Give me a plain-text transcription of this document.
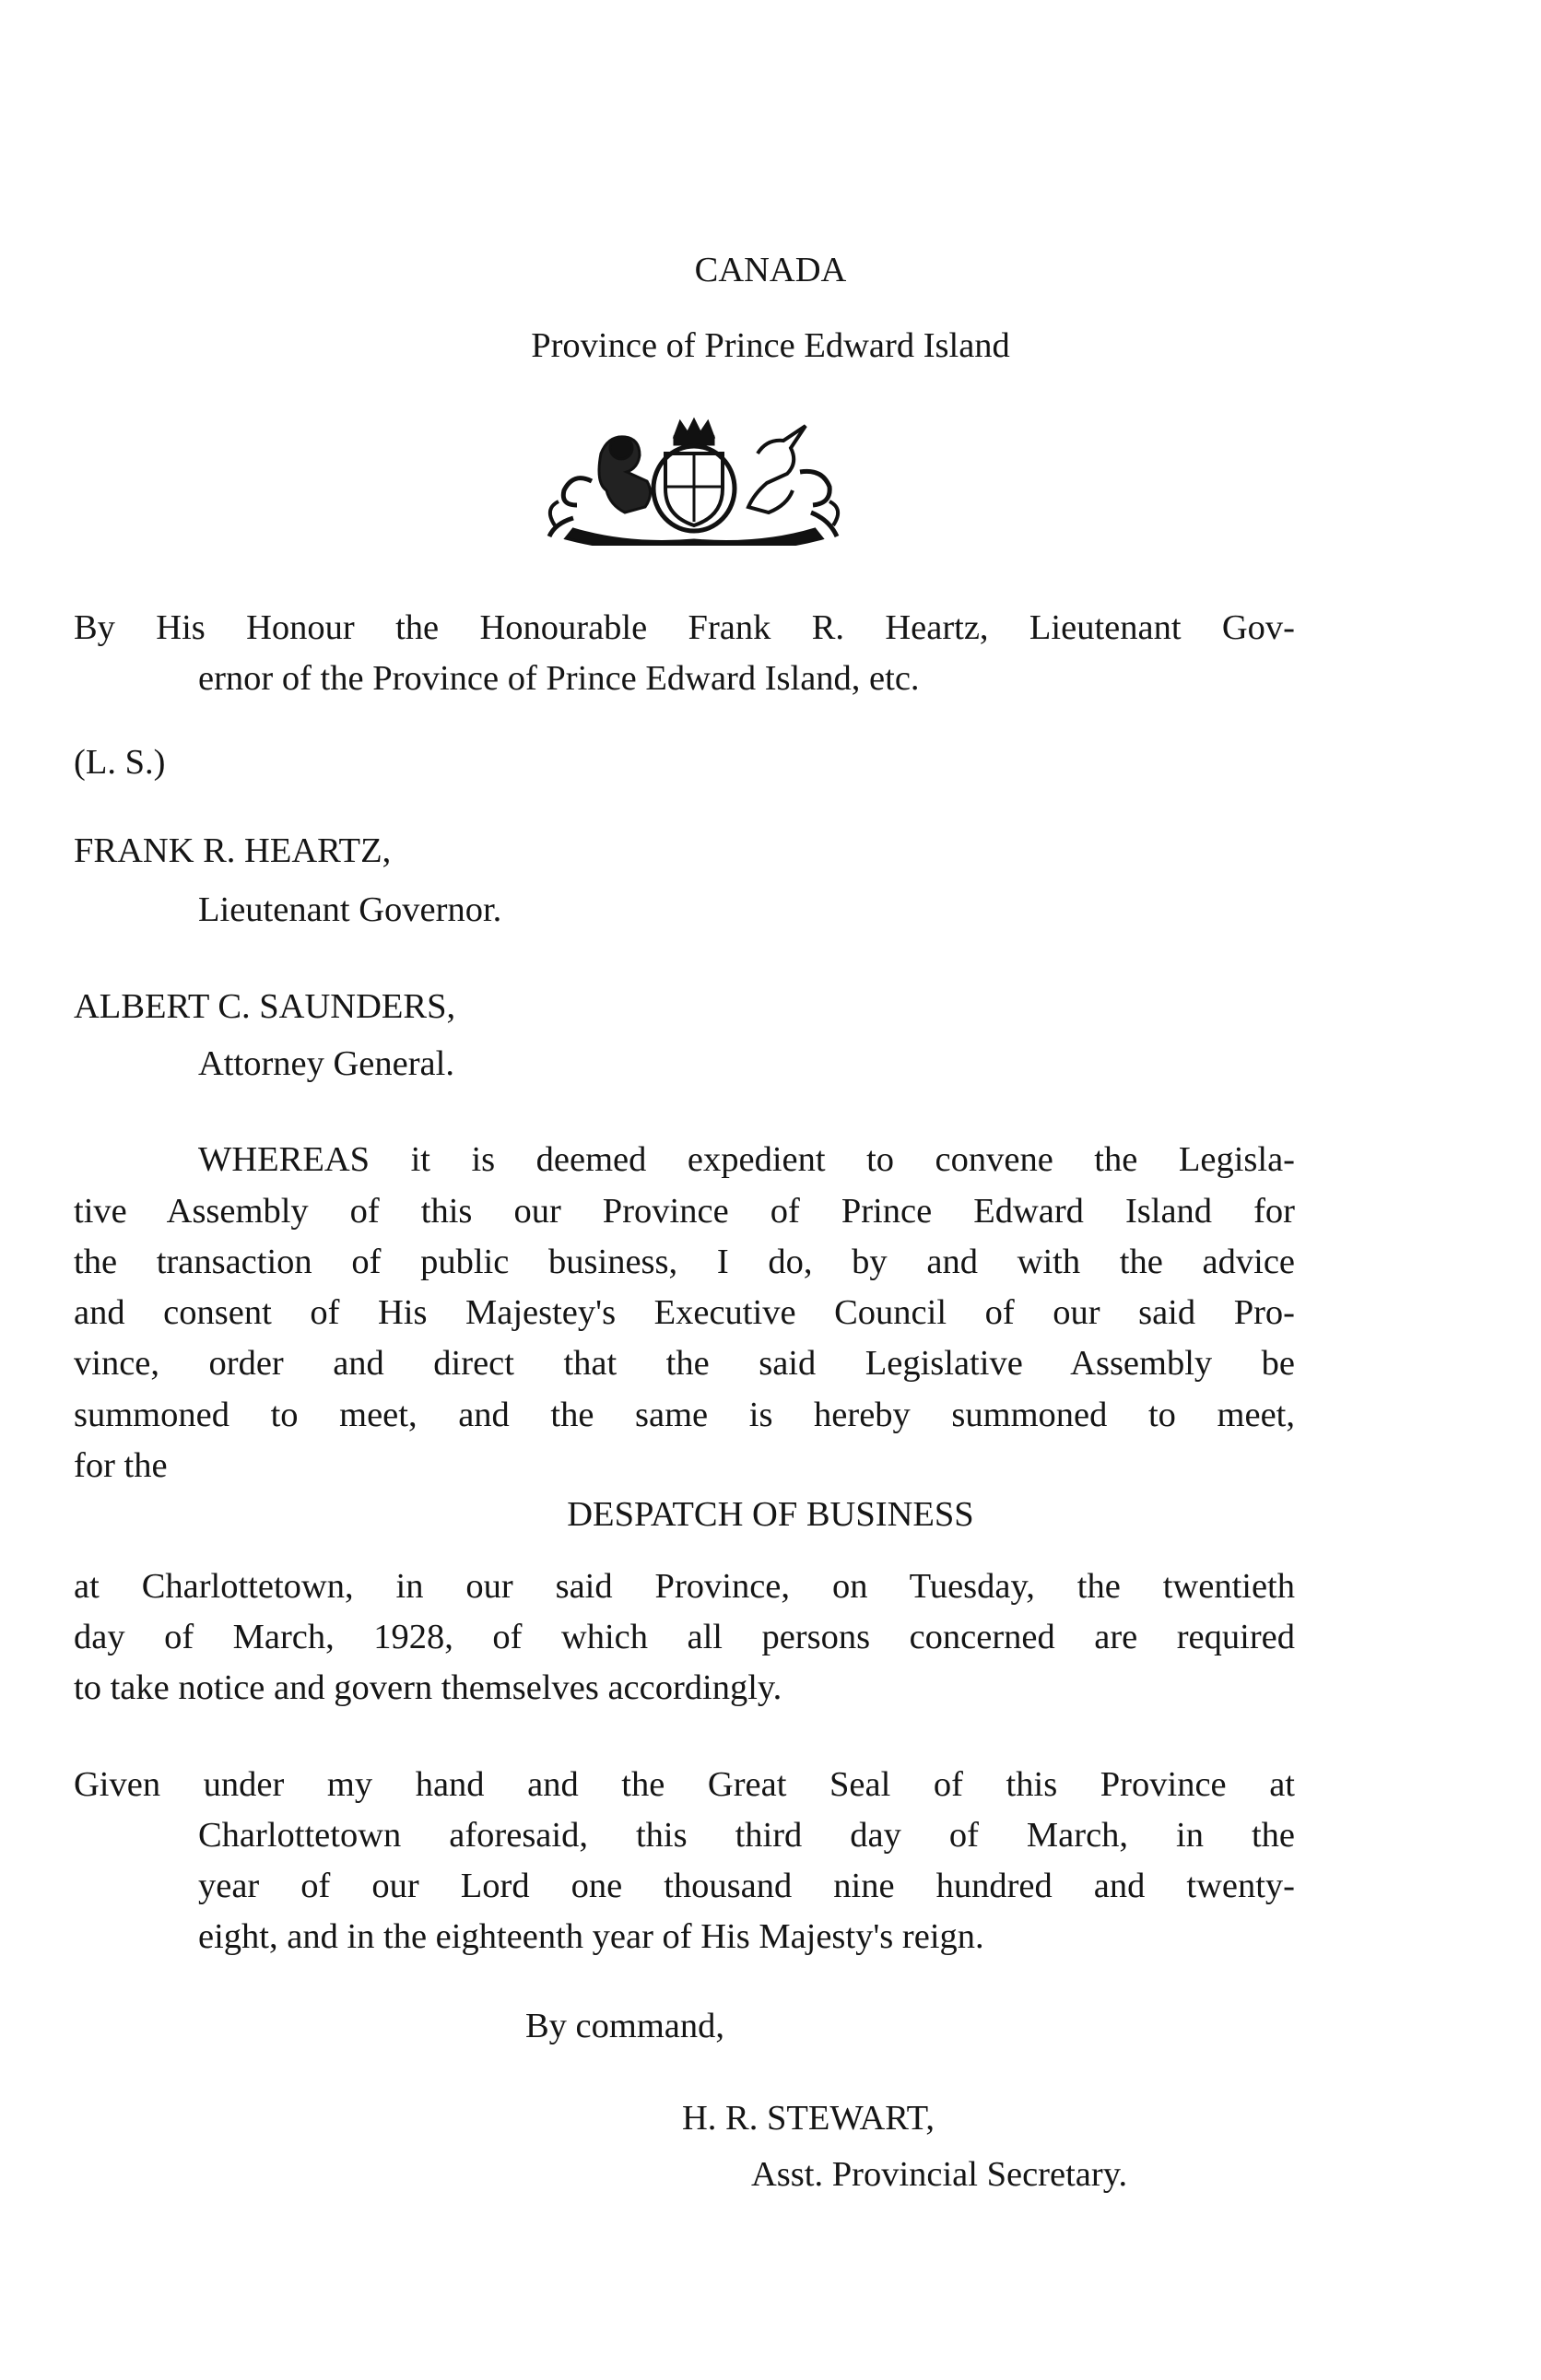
CANADA
Province of Prince Edward Island
By His Honour the Honourable Frank R. Heartz, Lieutenant Gov-
ernor of the Province of Prince Edward Island, etc.
(L. S.)
FRANK R. HEARTZ,
Lieutenant Governor.
ALBERT C. SAUNDERS,
Attorney General.
WHEREAS it is deemed expedient to convene the Legisla-
tive Assembly of this our Province of Prince Edward Island for
the transaction of public business, I do, by and with the advice
and consent of His Majestey's Executive Council of our said Pro-
vince, order and direct that the said Legislative Assembly be
summoned to meet, and the same is hereby summoned to meet,
for the
DESPATCH OF BUSINESS
at Charlottetown, in our said Province, on Tuesday, the twentieth
day of March, 1928, of which all persons concerned are required
to take notice and govern themselves accordingly.
Given under my hand and the Great Seal of this Province at
Charlottetown aforesaid, this third day of March, in the
year of our Lord one thousand nine hundred and twenty-
eight, and in the eighteenth year of His Majesty's reign.
By command,
H. R. STEWART,
Asst. Provincial Secretary.
